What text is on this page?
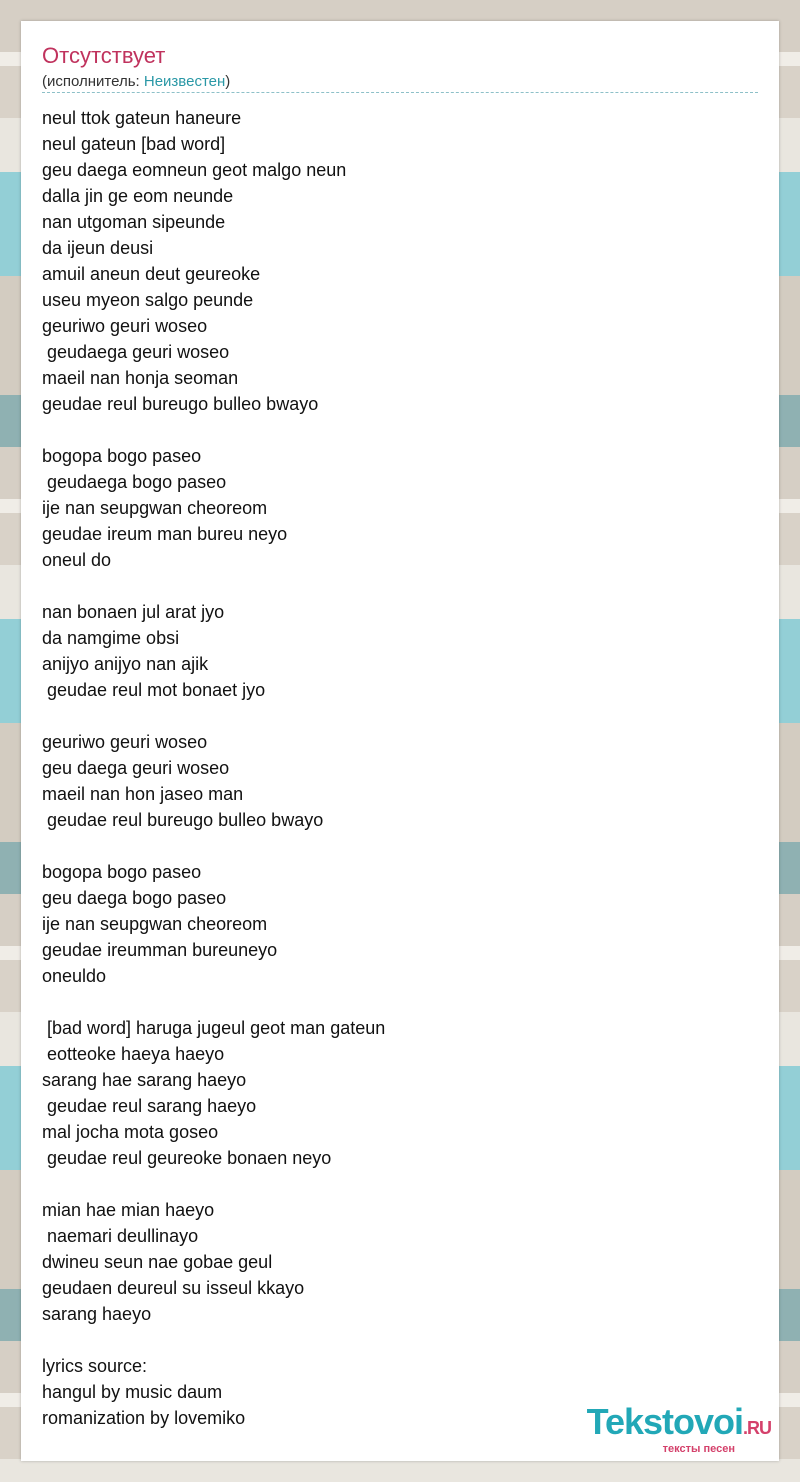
Отсутствует
(исполнитель: Неизвестен)
neul ttok gateun haneure
neul gateun [bad word]
geu daega eomneun geot malgo neun
dalla jin ge eom neunde
nan utgoman sipeunde
da ijeun deusi
amuil aneun deut geureoke
useu myeon salgo peunde
geuriwo geuri woseo
geudaega geuri woseo
maeil nan honja seoman
geudae reul bureugo bulleo bwayo
bogopa bogo paseo
geudaega bogo paseo
ije nan seupgwan cheoreom
geudae ireum man bureu neyo
oneul do
nan bonaen jul arat jyo
da namgime obsi
anijyo anijyo nan ajik
geudae reul mot bonaet jyo
geuriwo geuri woseo
geu daega geuri woseo
maeil nan hon jaseo man
geudae reul bureugo bulleo bwayo
bogopa bogo paseo
geu daega bogo paseo
ije nan seupgwan cheoreom
geudae ireumman bureuneyo
oneuldo
[bad word] haruga jugeul geot man gateun
eotteoke haeya haeyo
sarang hae sarang haeyo
geudae reul sarang haeyo
mal jocha mota goseo
geudae reul geureoke bonaen neyo
mian hae mian haeyo
naemari deullinayo
dwineu seun nae gobae geul
geudaen deureul su isseul kkayo
sarang haeyo
lyrics source:
hangul by music daum
romanization by lovemiko	Tekstovoi.RU
тексты песен
